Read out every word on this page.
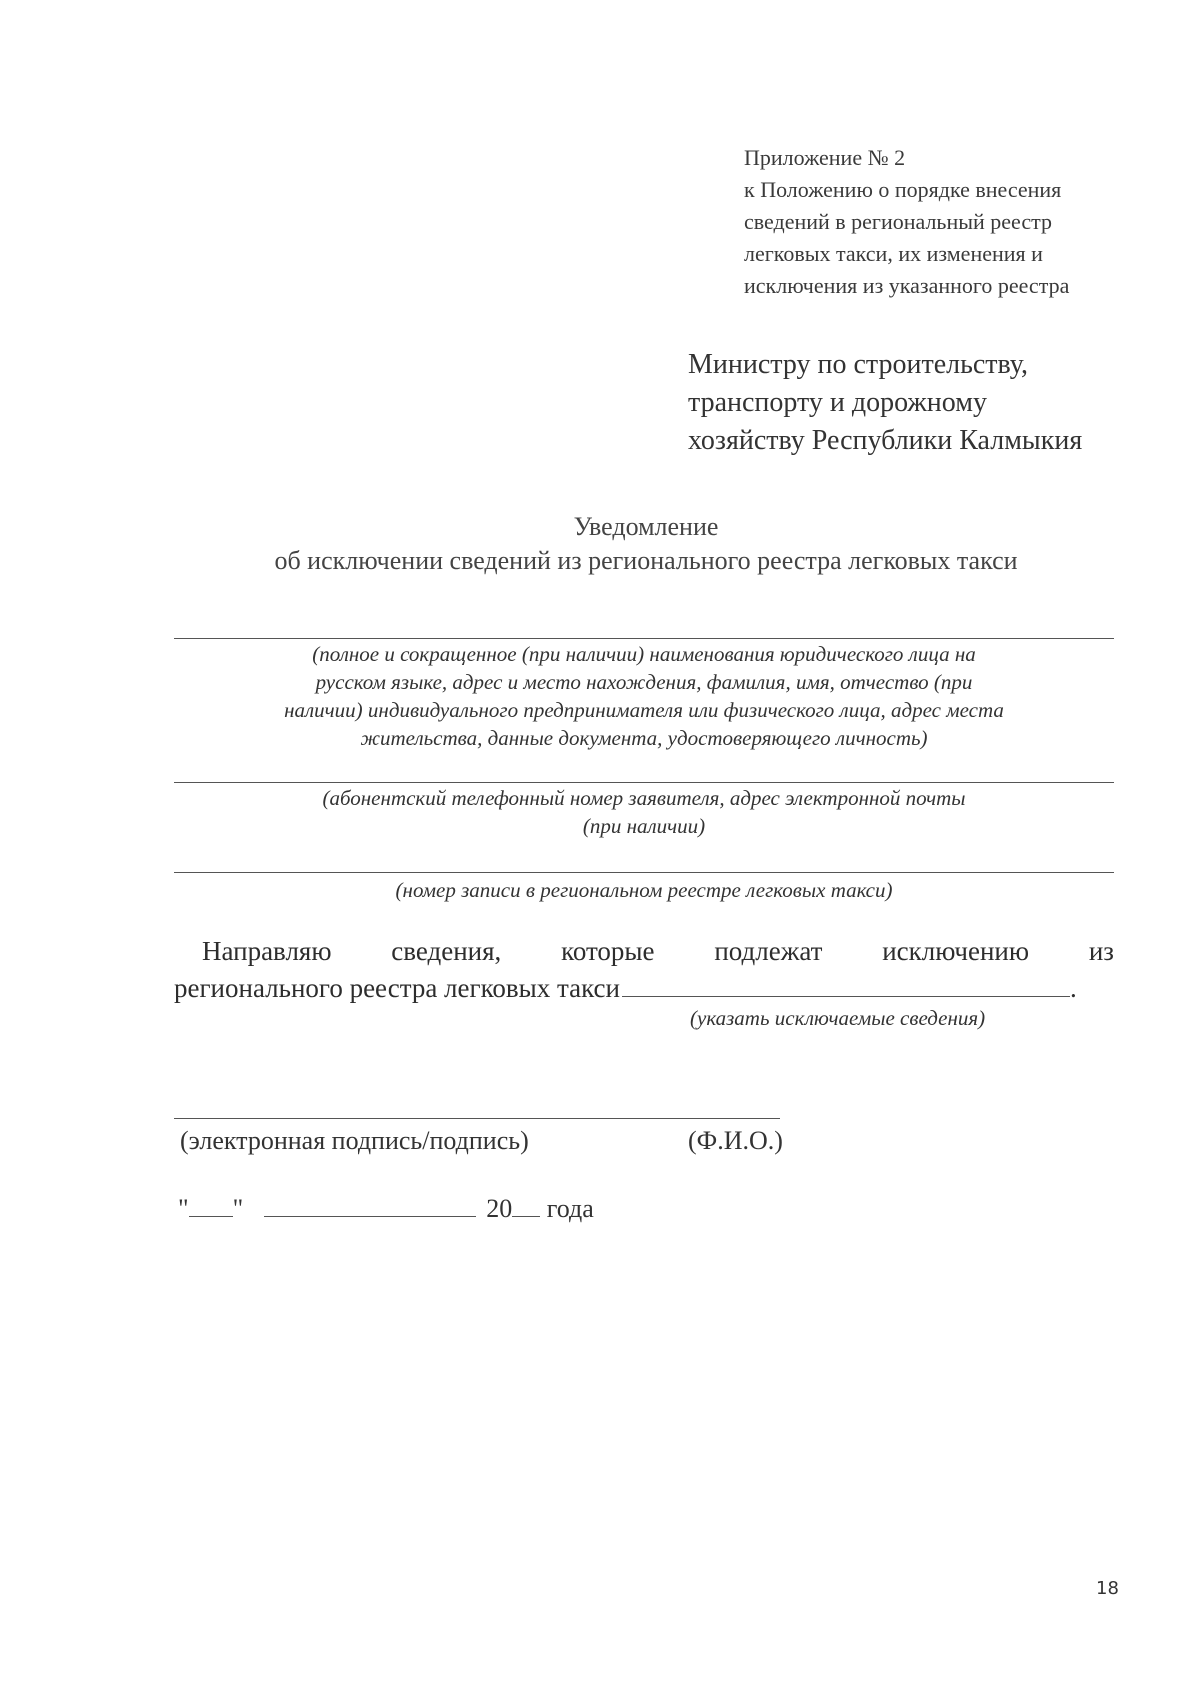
Приложение № 2
к Положению о порядке внесения
сведений в региональный реестр
легковых такси, их изменения и
исключения из указанного реестра
Министру по строительству,
транспорту и дорожному
хозяйству Республики Калмыкия
Уведомление
об исключении сведений из регионального реестра легковых такси
(полное и сокращенное (при наличии) наименования юридического лица на
русском языке, адрес и место нахождения, фамилия, имя, отчество (при
наличии) индивидуального предпринимателя или физического лица, адрес места
жительства, данные документа, удостоверяющего личность)
(абонентский телефонный номер заявителя, адрес электронной почты
(при наличии)
(номер записи в региональном реестре легковых такси)
Направляю сведения, которые подлежат исключению из
регионального реестра легковых такси	.
(указать исключаемые сведения)
(электронная подпись/подпись)	(Ф.И.О.)
" "	20 года
18
